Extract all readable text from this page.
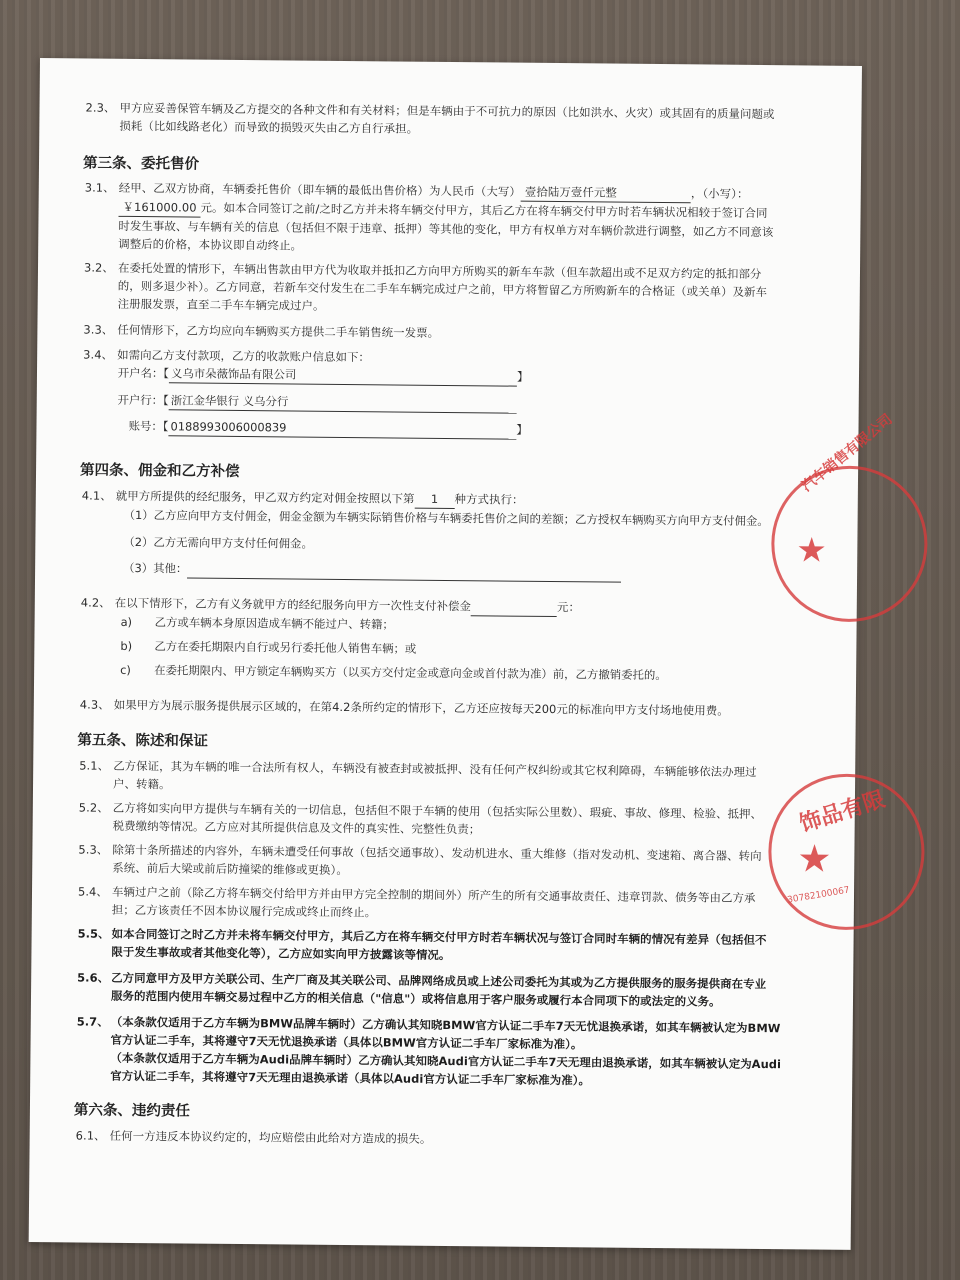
2.3、 甲方应妥善保管车辆及乙方提交的各种文件和有关材料；但是车辆由于不可抗力的原因（比如洪水、火灾）或其固有的质量问题或
损耗（比如线路老化）而导致的损毁灭失由乙方自行承担。
第三条、委托售价
3.1、 经甲、乙双方协商，车辆委托售价（即车辆的最低出售价格）为人民币（大写） 壹拾陆万壹仟元整	，（小写）：
￥161000.00 元。如本合同签订之前/之时乙方并未将车辆交付甲方，其后乙方在将车辆交付甲方时若车辆状况相较于签订合同
时发生事故、与车辆有关的信息（包括但不限于违章、抵押）等其他的变化，甲方有权单方对车辆价款进行调整，如乙方不同意该
调整后的价格，本协议即自动终止。
3.2、 在委托处置的情形下，车辆出售款由甲方代为收取并抵扣乙方向甲方所购买的新车车款（但车款超出或不足双方约定的抵扣部分
的，则多退少补）。乙方同意，若新车交付发生在二手车车辆完成过户之前，甲方将暂留乙方所购新车的合格证（或关单）及新车
注册服发票，直至二手车车辆完成过户。
3.3、 任何情形下，乙方均应向车辆购买方提供二手车销售统一发票。
3.4、 如需向乙方支付款项，乙方的收款账户信息如下：
开户名：【 义乌市朵薇饰品有限公司	】
开户行：【 浙江金华银行 义乌分行
账号：【 0188993006000839	】
第四条、佣金和乙方补偿
4.1、 就甲方所提供的经纪服务，甲乙双方约定对佣金按照以下第 1 种方式执行：
（1）乙方应向甲方支付佣金，佣金金额为车辆实际销售价格与车辆委托售价之间的差额；乙方授权车辆购买方向甲方支付佣金。
（2）乙方无需向甲方支付任何佣金。
（3）其他：
4.2、 在以下情形下，乙方有义务就甲方的经纪服务向甲方一次性支付补偿金	元：
a) 乙方或车辆本身原因造成车辆不能过户、转籍；
b) 乙方在委托期限内自行或另行委托他人销售车辆；或
c) 在委托期限内、甲方锁定车辆购买方（以买方交付定金或意向金或首付款为准）前，乙方撤销委托的。
4.3、 如果甲方为展示服务提供展示区域的，在第4.2条所约定的情形下，乙方还应按每天200元的标准向甲方支付场地使用费。
第五条、陈述和保证
5.1、 乙方保证，其为车辆的唯一合法所有权人，车辆没有被查封或被抵押、没有任何产权纠纷或其它权利障碍，车辆能够依法办理过
户、转籍。
5.2、 乙方将如实向甲方提供与车辆有关的一切信息，包括但不限于车辆的使用（包括实际公里数）、瑕疵、事故、修理、检验、抵押、
税费缴纳等情况。乙方应对其所提供信息及文件的真实性、完整性负责；
5.3、 除第十条所描述的内容外，车辆未遭受任何事故（包括交通事故）、发动机进水、重大维修（指对发动机、变速箱、离合器、转向
系统、前后大梁或前后防撞梁的维修或更换）。
5.4、 车辆过户之前（除乙方将车辆交付给甲方并由甲方完全控制的期间外）所产生的所有交通事故责任、违章罚款、债务等由乙方承
担；乙方该责任不因本协议履行完成或终止而终止。
5.5、 如本合同签订之时乙方并未将车辆交付甲方，其后乙方在将车辆交付甲方时若车辆状况与签订合同时车辆的情况有差异（包括但不
限于发生事故或者其他变化等），乙方应如实向甲方披露该等情况。
5.6、 乙方同意甲方及甲方关联公司、生产厂商及其关联公司、品牌网络成员或上述公司委托为其或为乙方提供服务的服务提供商在专业
服务的范围内使用车辆交易过程中乙方的相关信息（"信息"）或将信息用于客户服务或履行本合同项下的或法定的义务。
5.7、 （本条款仅适用于乙方车辆为BMW品牌车辆时）乙方确认其知晓BMW官方认证二手车7天无忧退换承诺，如其车辆被认定为BMW
官方认证二手车，其将遵守7天无忧退换承诺（具体以BMW官方认证二手车厂家标准为准）。
（本条款仅适用于乙方车辆为Audi品牌车辆时）乙方确认其知晓Audi官方认证二手车7天无理由退换承诺，如其车辆被认定为Audi
官方认证二手车，其将遵守7天无理由退换承诺（具体以Audi官方认证二手车厂家标准为准）。
第六条、违约责任
6.1、 任何一方违反本协议约定的，均应赔偿由此给对方造成的损失。
汽车销售有限公司
★
饰品有限
★
30782100067
